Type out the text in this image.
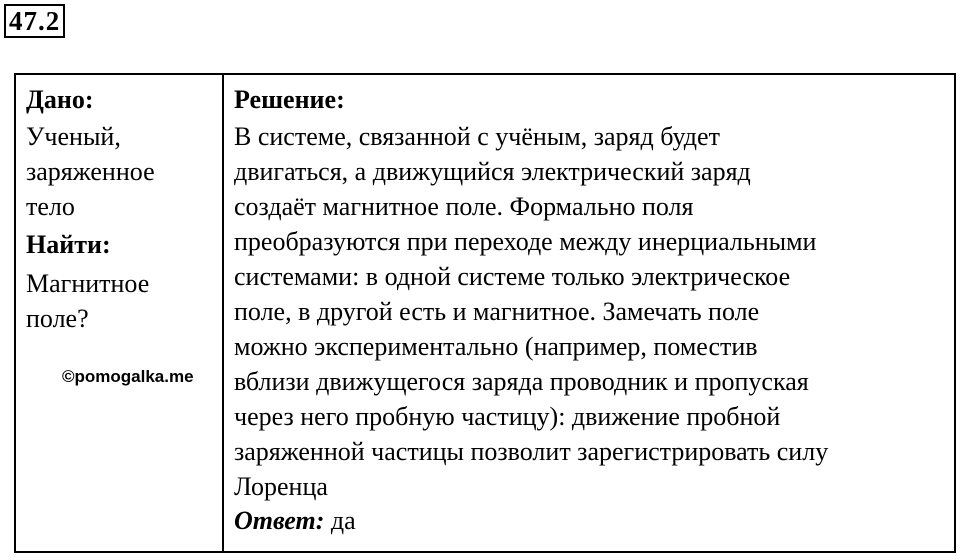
47.2
Дано:
Ученый,
заряженное
тело
Найти:
Магнитное
поле?
©pomogalka.me
Решение:
В системе, связанной с учёным, заряд будет
двигаться, а движущийся электрический заряд
создаёт магнитное поле. Формально поля
преобразуются при переходе между инерциальными
системами: в одной системе только электрическое
поле, в другой есть и магнитное. Замечать поле
можно экспериментально (например, поместив
вблизи движущегося заряда проводник и пропуская
через него пробную частицу): движение пробной
заряженной частицы позволит зарегистрировать силу
Лоренца
Ответ: да
